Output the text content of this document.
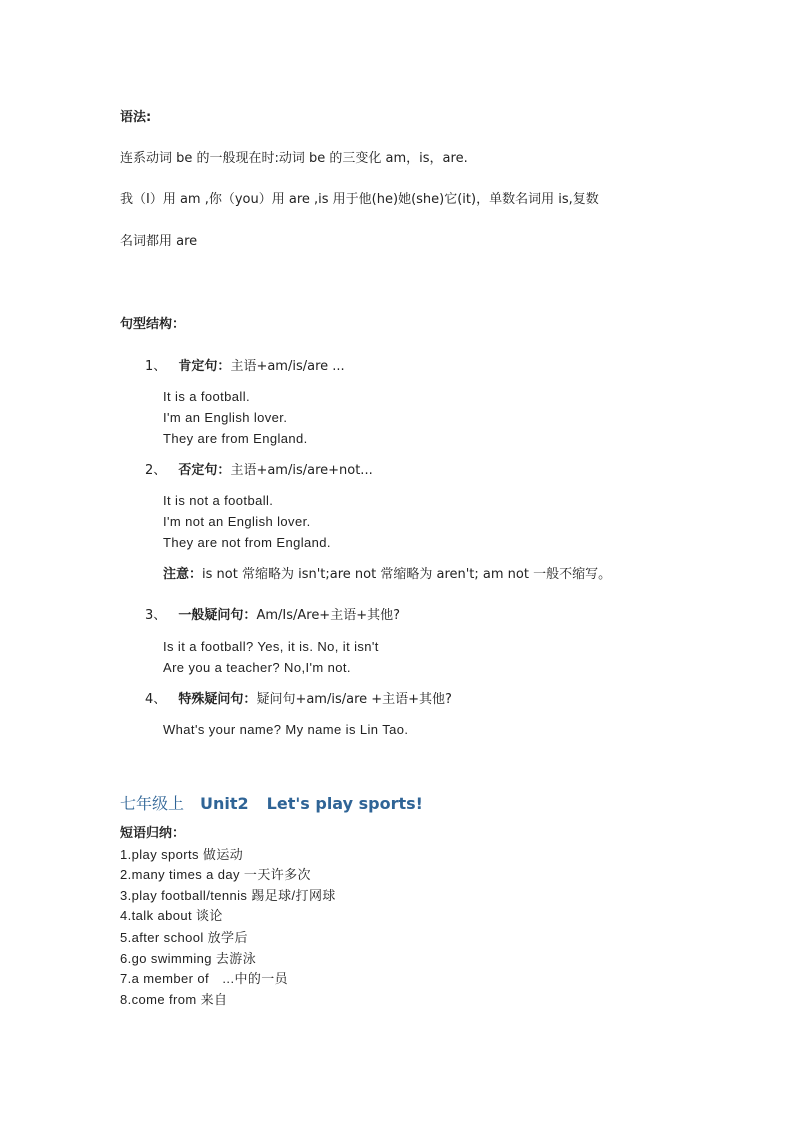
语法:
连系动词 be 的一般现在时:动词 be 的三变化 am，is，are.
我（I）用 am ,你（you）用 are ,is 用于他(he)她(she)它(it)，单数名词用 is,复数
名词都用 are
句型结构：
1、 肯定句：主语+am/is/are ...
It is a football.
I'm an English lover.
They are from England.
2、 否定句：主语+am/is/are+not...
It is not a football.
I'm not an English lover.
They are not from England.
注意：is not 常缩略为 isn't;are not 常缩略为 aren't; am not 一般不缩写。
3、 一般疑问句：Am/Is/Are+主语+其他?
Is it a football? Yes, it is. No, it isn't
Are you a teacher? No,I'm not.
4、 特殊疑问句：疑问句+am/is/are +主语+其他?
What's your name? My name is Lin Tao.
七年级上 Unit2 Let's play sports!
短语归纳：
1.play sports 做运动
2.many times a day 一天许多次
3.play football/tennis 踢足球/打网球
4.talk about 谈论
5.after school 放学后
6.go swimming 去游泳
7.a member of　...中的一员
8.come from 来自
